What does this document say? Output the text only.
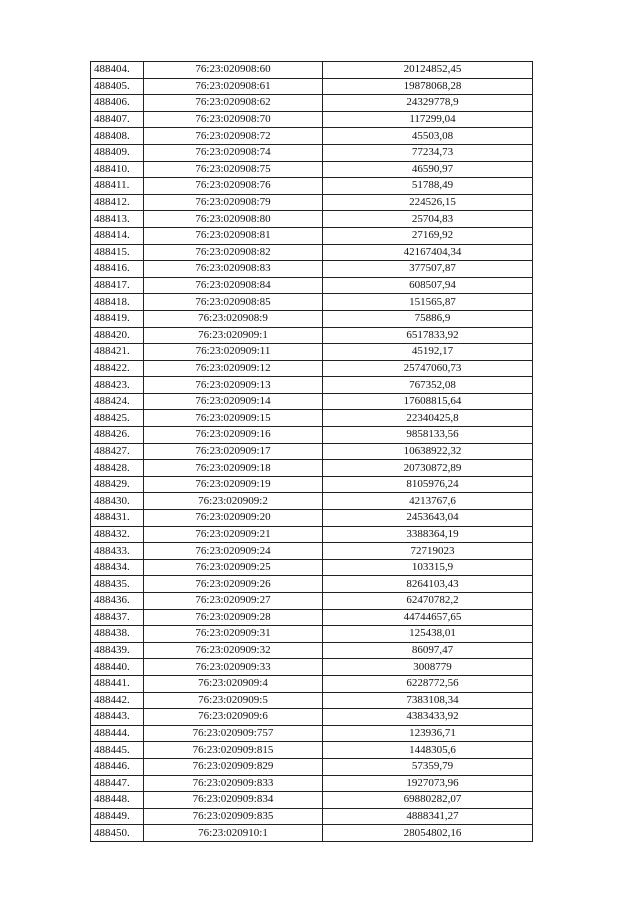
488404.	76:23:020908:60	20124852,45
488405.	76:23:020908:61	19878068,28
488406.	76:23:020908:62	24329778,9
488407.	76:23:020908:70	117299,04
488408.	76:23:020908:72	45503,08
488409.	76:23:020908:74	77234,73
488410.	76:23:020908:75	46590,97
488411.	76:23:020908:76	51788,49
488412.	76:23:020908:79	224526,15
488413.	76:23:020908:80	25704,83
488414.	76:23:020908:81	27169,92
488415.	76:23:020908:82	42167404,34
488416.	76:23:020908:83	377507,87
488417.	76:23:020908:84	608507,94
488418.	76:23:020908:85	151565,87
488419.	76:23:020908:9	75886,9
488420.	76:23:020909:1	6517833,92
488421.	76:23:020909:11	45192,17
488422.	76:23:020909:12	25747060,73
488423.	76:23:020909:13	767352,08
488424.	76:23:020909:14	17608815,64
488425.	76:23:020909:15	22340425,8
488426.	76:23:020909:16	9858133,56
488427.	76:23:020909:17	10638922,32
488428.	76:23:020909:18	20730872,89
488429.	76:23:020909:19	8105976,24
488430.	76:23:020909:2	4213767,6
488431.	76:23:020909:20	2453643,04
488432.	76:23:020909:21	3388364,19
488433.	76:23:020909:24	72719023
488434.	76:23:020909:25	103315,9
488435.	76:23:020909:26	8264103,43
488436.	76:23:020909:27	62470782,2
488437.	76:23:020909:28	44744657,65
488438.	76:23:020909:31	125438,01
488439.	76:23:020909:32	86097,47
488440.	76:23:020909:33	3008779
488441.	76:23:020909:4	6228772,56
488442.	76:23:020909:5	7383108,34
488443.	76:23:020909:6	4383433,92
488444.	76:23:020909:757	123936,71
488445.	76:23:020909:815	1448305,6
488446.	76:23:020909:829	57359,79
488447.	76:23:020909:833	1927073,96
488448.	76:23:020909:834	69880282,07
488449.	76:23:020909:835	4888341,27
488450.	76:23:020910:1	28054802,16
